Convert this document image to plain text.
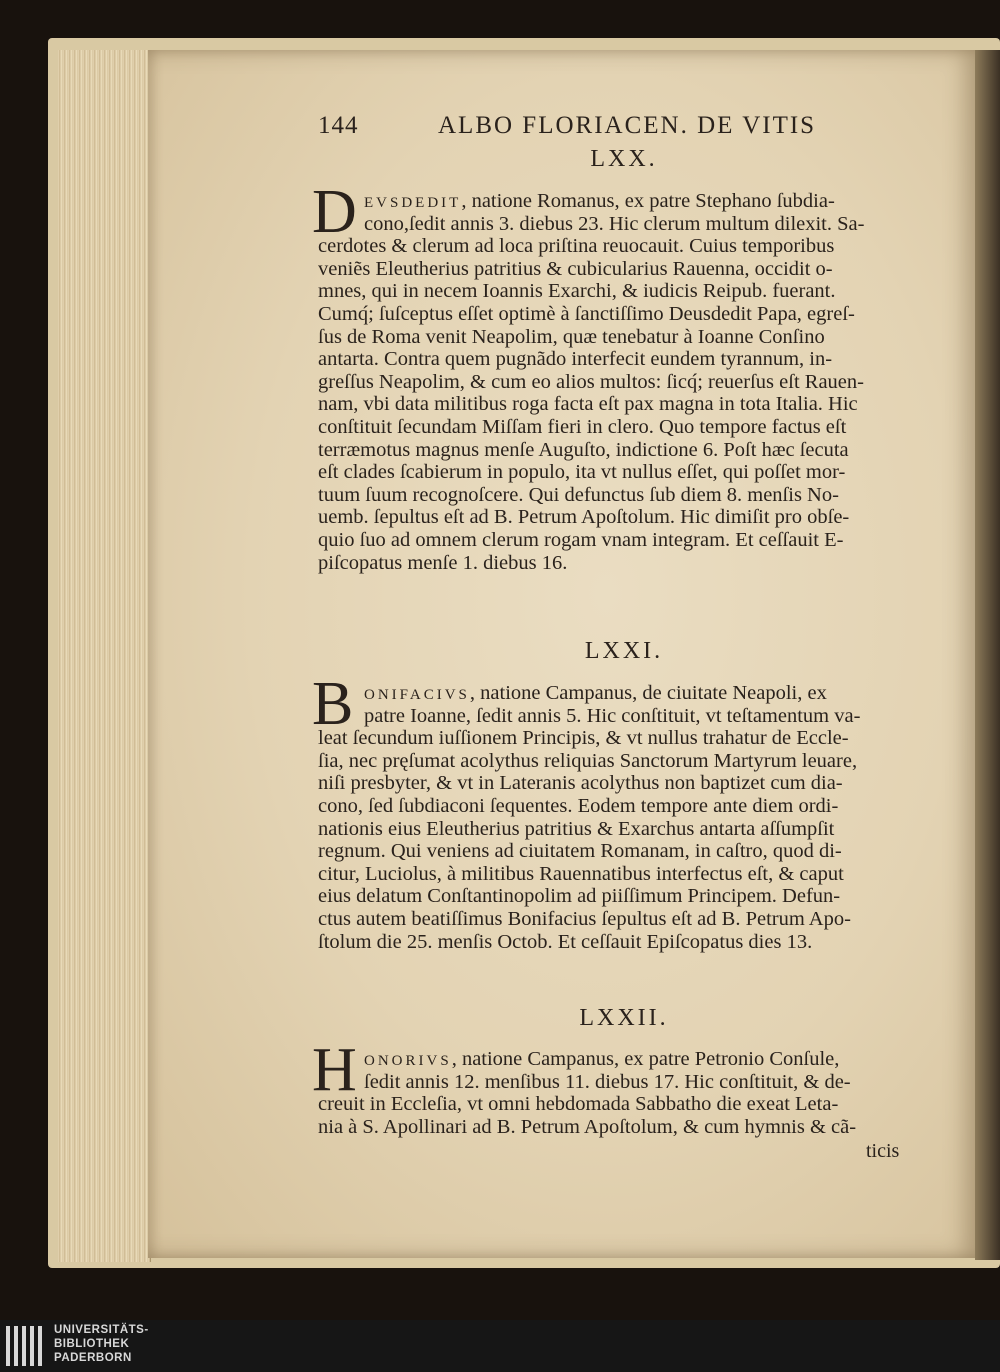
144	ALBO FLORIACEN. DE VITIS
LXX.
D EVSDEDIT, natione Romanus, ex patre Stephano ſubdia-
cono,ſedit annis 3. diebus 23. Hic clerum multum dilexit. Sa-
cerdotes & clerum ad loca priſtina reuocauit. Cuius temporibus
veniẽs Eleutherius patritius & cubicularius Rauenna, occidit o-
mnes, qui in necem Ioannis Exarchi, & iudicis Reipub. fuerant.
Cumq́; ſuſceptus eſſet optimè à ſanctiſſimo Deusdedit Papa, egreſ-
ſus de Roma venit Neapolim, quæ tenebatur à Ioanne Conſino
antarta. Contra quem pugnãdo interfecit eundem tyrannum, in-
greſſus Neapolim, & cum eo alios multos: ſicq́; reuerſus eſt Rauen-
nam, vbi data militibus roga facta eſt pax magna in tota Italia. Hic
conſtituit ſecundam Miſſam fieri in clero. Quo tempore factus eſt
terræmotus magnus menſe Auguſto, indictione 6. Poſt hæc ſecuta
eſt clades ſcabierum in populo, ita vt nullus eſſet, qui poſſet mor-
tuum ſuum recognoſcere. Qui defunctus ſub diem 8. menſis No-
uemb. ſepultus eſt ad B. Petrum Apoſtolum. Hic dimiſit pro obſe-
quio ſuo ad omnem clerum rogam vnam integram. Et ceſſauit E-
piſcopatus menſe 1. diebus 16.
LXXI.
B ONIFACIVS, natione Campanus, de ciuitate Neapoli, ex
patre Ioanne, ſedit annis 5. Hic conſtituit, vt teſtamentum va-
leat ſecundum iuſſionem Principis, & vt nullus trahatur de Eccle-
ſia, nec pręſumat acolythus reliquias Sanctorum Martyrum leuare,
niſi presbyter, & vt in Lateranis acolythus non baptizet cum dia-
cono, ſed ſubdiaconi ſequentes. Eodem tempore ante diem ordi-
nationis eius Eleutherius patritius & Exarchus antarta aſſumpſit
regnum. Qui veniens ad ciuitatem Romanam, in caſtro, quod di-
citur, Luciolus, à militibus Rauennatibus interfectus eſt, & caput
eius delatum Conſtantinopolim ad piiſſimum Principem. Defun-
ctus autem beatiſſimus Bonifacius ſepultus eſt ad B. Petrum Apo-
ſtolum die 25. menſis Octob. Et ceſſauit Epiſcopatus dies 13.
LXXII.
H ONORIVS, natione Campanus, ex patre Petronio Conſule,
ſedit annis 12. menſibus 11. diebus 17. Hic conſtituit, & de-
creuit in Eccleſia, vt omni hebdomada Sabbatho die exeat Leta-
nia à S. Apollinari ad B. Petrum Apoſtolum, & cum hymnis & cã-
ticis
UNIVERSITÄTS-
BIBLIOTHEK
PADERBORN
